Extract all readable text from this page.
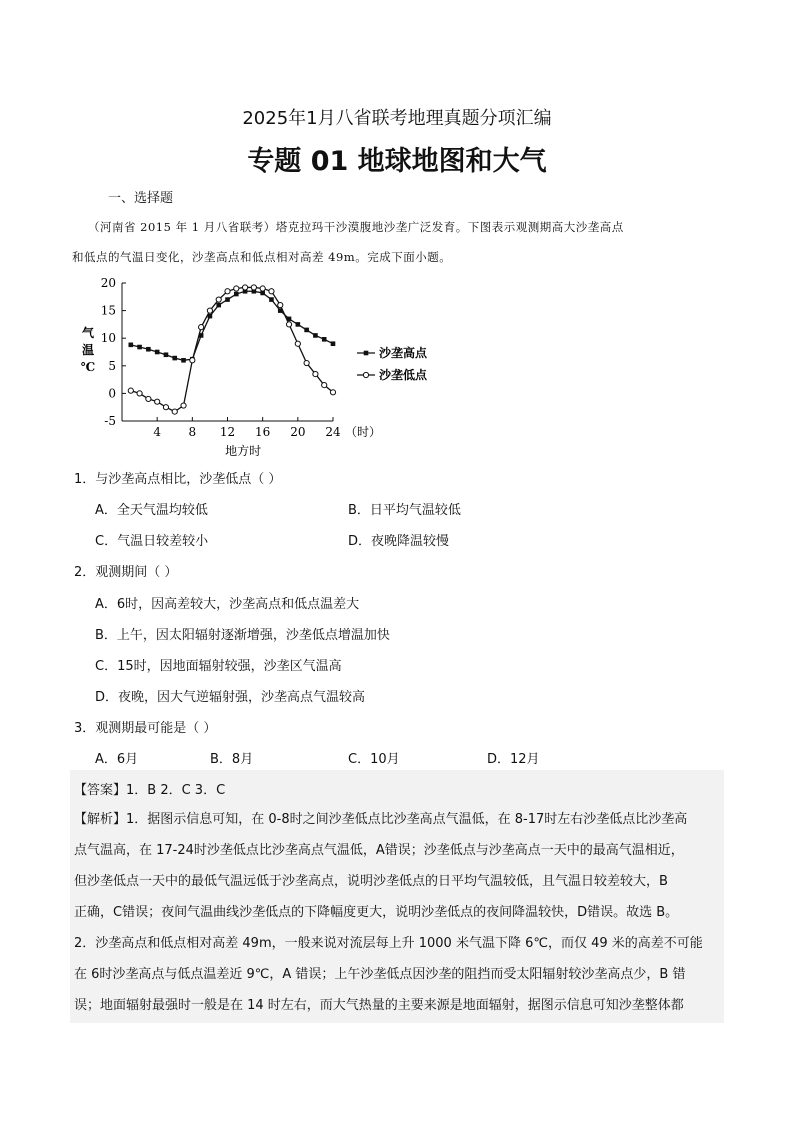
2025年1月八省联考地理真题分项汇编
专题 01 地球地图和大气
一、选择题
（河南省 2015 年 1 月八省联考）塔克拉玛干沙漠腹地沙垄广泛发育。下图表示观测期高大沙垄高点
和低点的气温日变化，沙垄高点和低点相对高差 49m。完成下面小题。
20
15
10
5
0
-5
4 8 12 16 20 24 （时）
地方时
气
温
℃
沙垄高点
沙垄低点
1．与沙垄高点相比，沙垄低点（ ）
A．全天气温均较低	B．日平均气温较低
C．气温日较差较小	D．夜晚降温较慢
2．观测期间（ ）
A．6时，因高差较大，沙垄高点和低点温差大
B．上午，因太阳辐射逐渐增强，沙垄低点增温加快
C．15时，因地面辐射较强，沙垄区气温高
D．夜晚，因大气逆辐射强，沙垄高点气温较高
3．观测期最可能是（ ）
A．6月	B．8月	C．10月	D．12月
【答案】1．B 2．C 3．C
【解析】1．据图示信息可知，在 0-8时之间沙垄低点比沙垄高点气温低，在 8-17时左右沙垄低点比沙垄高
点气温高，在 17-24时沙垄低点比沙垄高点气温低，A错误；沙垄低点与沙垄高点一天中的最高气温相近，
但沙垄低点一天中的最低气温远低于沙垄高点，说明沙垄低点的日平均气温较低，且气温日较差较大，B
正确，C错误；夜间气温曲线沙垄低点的下降幅度更大，说明沙垄低点的夜间降温较快，D错误。故选 B。
2．沙垄高点和低点相对高差 49m，一般来说对流层每上升 1000 米气温下降 6℃，而仅 49 米的高差不可能
在 6时沙垄高点与低点温差近 9℃，A 错误；上午沙垄低点因沙垄的阻挡而受太阳辐射较沙垄高点少，B 错
误；地面辐射最强时一般是在 14 时左右，而大气热量的主要来源是地面辐射，据图示信息可知沙垄整体都
